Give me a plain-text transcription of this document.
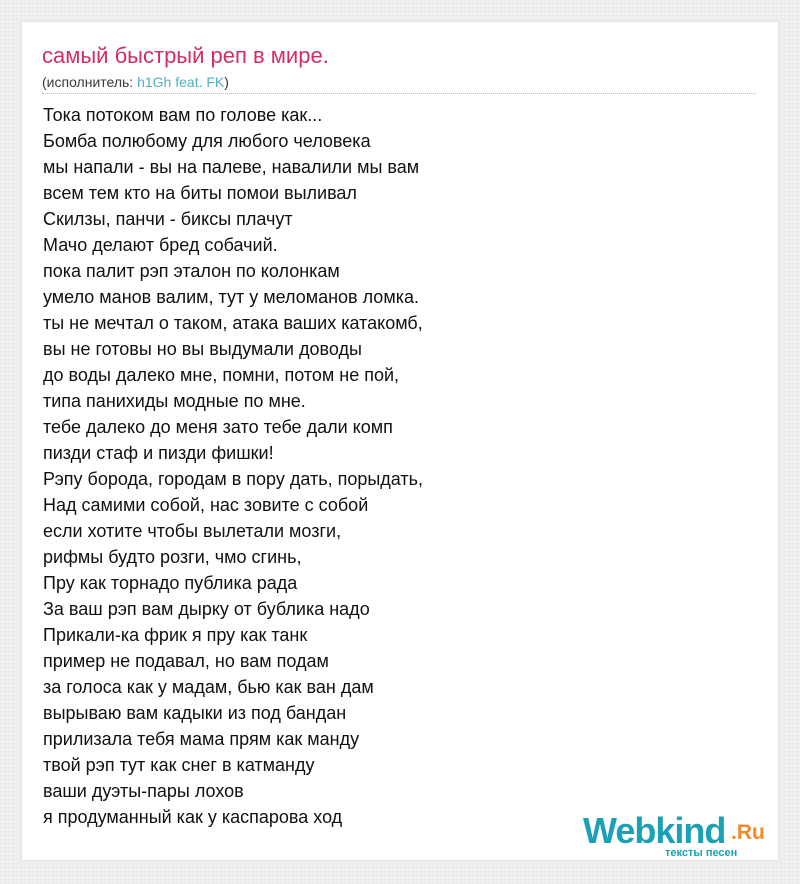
самый быстрый реп в мире.
(исполнитель: h1Gh feat. FK)
Тока потоком вам по голове как...
Бомба полюбому для любого человека
мы напали - вы на палеве, навалили мы вам
всем тем кто на биты помои выливал
Скилзы, панчи - биксы плачут
Мачо делают бред собачий.
пока палит рэп эталон по колонкам
умело манов валим, тут у меломанов ломка.
ты не мечтал о таком, атака ваших катакомб,
вы не готовы но вы выдумали доводы
до воды далеко мне, помни, потом не пой,
типа панихиды модные по мне.
тебе далеко до меня зато тебе дали комп
пизди стаф и пизди фишки!
Рэпу борода, городам в пору дать, порыдать,
Над самими собой, нас зовите с собой
если хотите чтобы вылетали мозги,
рифмы будто розги, чмо сгинь,
Пру как торнадо публика рада
За ваш рэп вам дырку от бублика надо
Прикали-ка фрик я пру как танк
пример не подавал, но вам подам
за голоса как у мадам, бью как ван дам
вырываю вам кадыки из под бандан
прилизала тебя мама прям как манду
твой рэп тут как снег в катманду
ваши дуэты-пары лохов
я продуманный как у каспарова ход	Webkind .Ru
тексты песен
